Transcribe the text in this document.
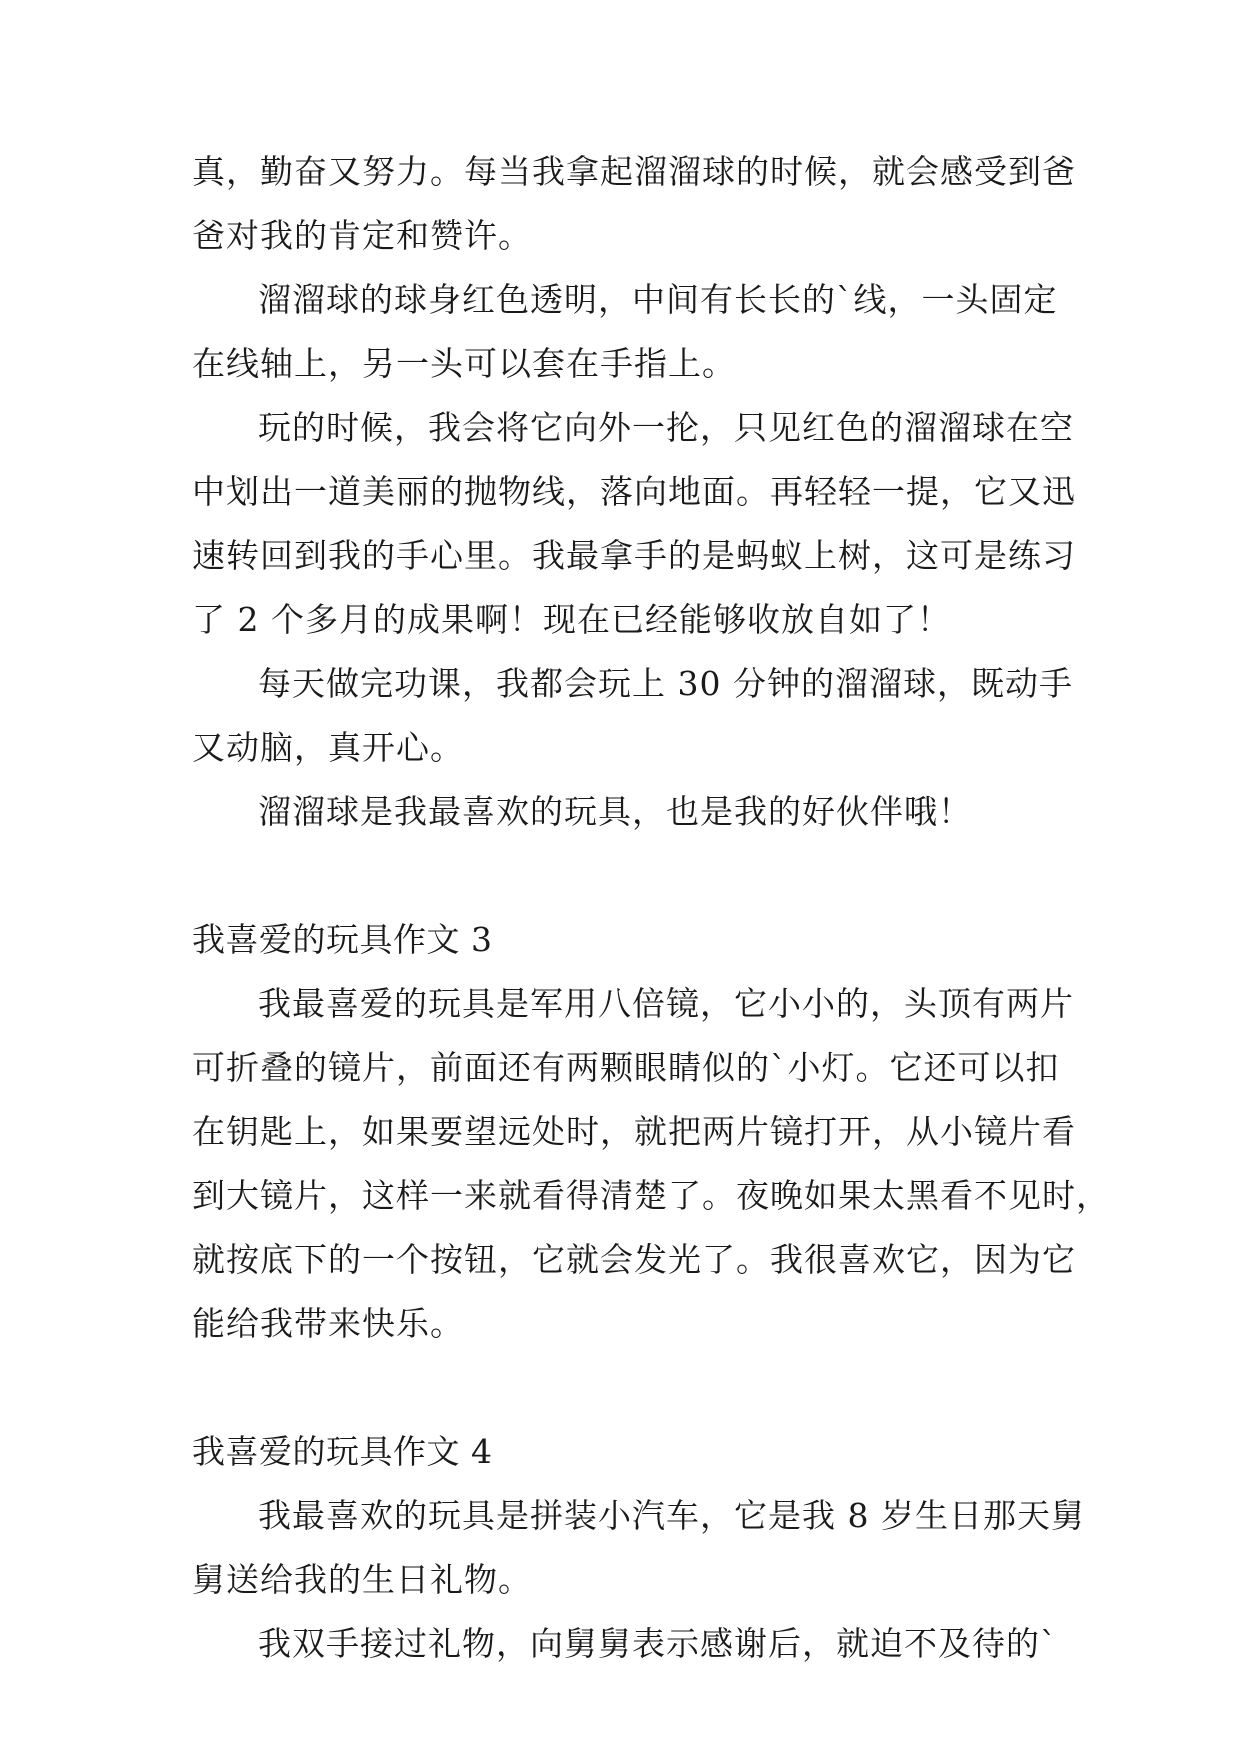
真，勤奋又努力。每当我拿起溜溜球的时候，就会感受到爸

爸对我的肯定和赞许。

溜溜球的球身红色透明，中间有长长的`线，一头固定

在线轴上，另一头可以套在手指上。

玩的时候，我会将它向外一抡，只见红色的溜溜球在空

中划出一道美丽的抛物线，落向地面。再轻轻一提，它又迅

速转回到我的手心里。我最拿手的是蚂蚁上树，这可是练习

了 2 个多月的成果啊！现在已经能够收放自如了！

每天做完功课，我都会玩上 30 分钟的溜溜球，既动手

又动脑，真开心。

溜溜球是我最喜欢的玩具，也是我的好伙伴哦！

我喜爱的玩具作文 3

我最喜爱的玩具是军用八倍镜，它小小的，头顶有两片

可折叠的镜片，前面还有两颗眼睛似的`小灯。它还可以扣

在钥匙上，如果要望远处时，就把两片镜打开，从小镜片看

到大镜片，这样一来就看得清楚了。夜晚如果太黑看不见时，

就按底下的一个按钮，它就会发光了。我很喜欢它，因为它

能给我带来快乐。

我喜爱的玩具作文 4

我最喜欢的玩具是拼装小汽车，它是我 8 岁生日那天舅

舅送给我的生日礼物。

我双手接过礼物，向舅舅表示感谢后，就迫不及待的`
